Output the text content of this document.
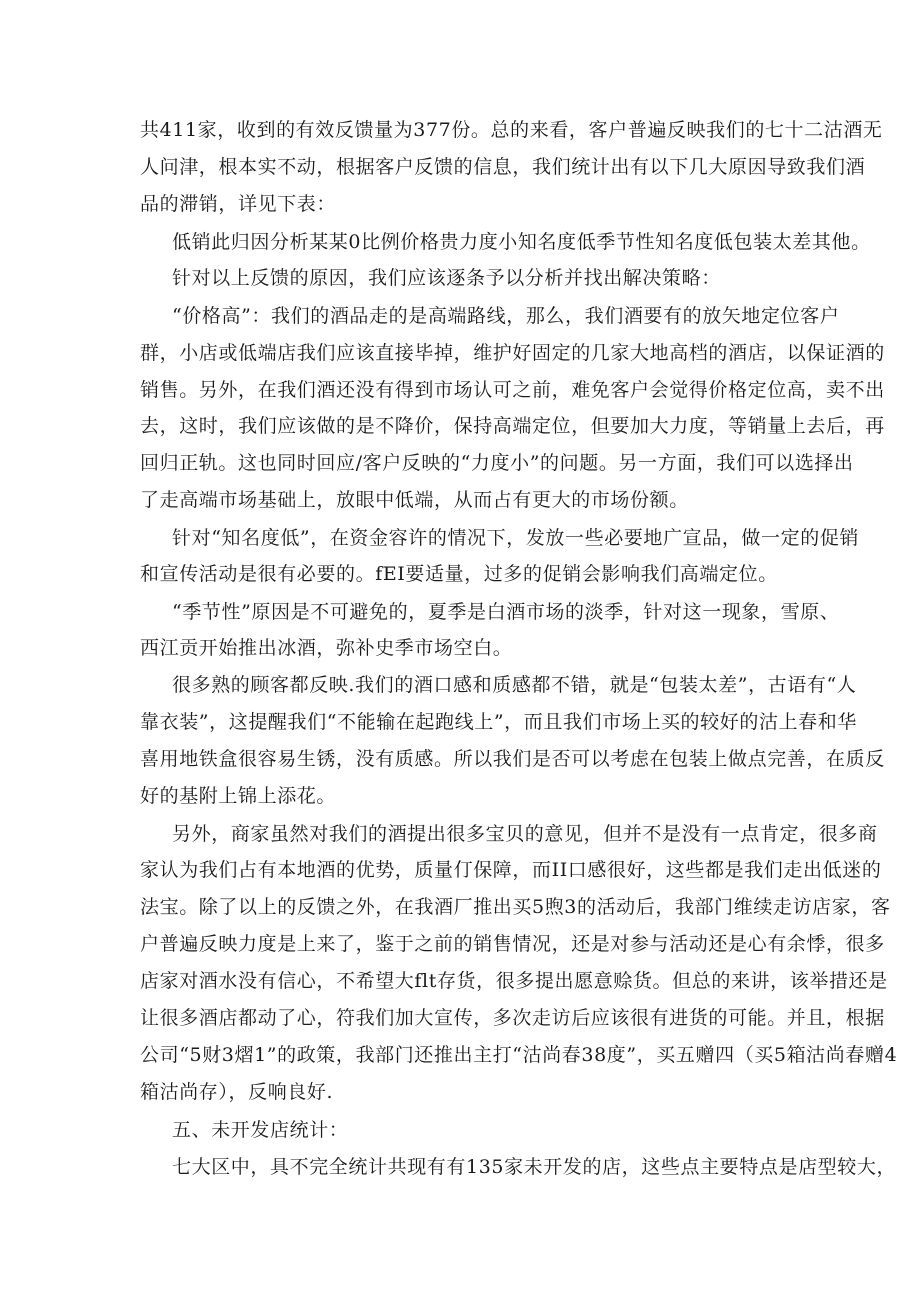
共411家，收到的有效反馈量为377份。总的来看，客户普遍反映我们的七十二沽酒无
人问津，根本实不动，根据客户反馈的信息，我们统计出有以下几大原因导致我们酒
品的滞销，详见下表：
低销此归因分析某某0比例价格贵力度小知名度低季节性知名度低包装太差其他。
针对以上反馈的原因，我们应该逐条予以分析并找出解决策略：
“价格高”：我们的酒品走的是高端路线，那么，我们酒要有的放矢地定位客户
群，小店或低端店我们应该直接毕掉，维护好固定的几家大地高档的酒店，以保证酒的
销售。另外，在我们酒还没有得到市场认可之前，难免客户会觉得价格定位高，卖不出
去，这时，我们应该做的是不降价，保持高端定位，但要加大力度，等销量上去后，再
回归正轨。这也同时回应/客户反映的“力度小”的问题。另一方面，我们可以选择出
了走高端市场基础上，放眼中低端，从而占有更大的市场份额。
针对“知名度低”，在资金容许的情况下，发放一些必要地广宣品，做一定的促销
和宣传活动是很有必要的。fEI要适量，过多的促销会影响我们高端定位。
“季节性”原因是不可避免的，夏季是白酒市场的淡季，针对这一现象，雪原、
西江贡开始推出冰酒，弥补史季市场空白。
很多熟的顾客都反映.我们的酒口感和质感都不错，就是“包装太差”，古语有“人
靠衣装”，这提醒我们“不能输在起跑线上”，而且我们市场上买的较好的沽上春和华
喜用地铁盒很容易生锈，没有质感。所以我们是否可以考虑在包装上做点完善，在质反
好的基附上锦上添花。
另外，商家虽然对我们的酒提出很多宝贝的意见，但并不是没有一点肯定，很多商
家认为我们占有本地酒的优势，质量仃保障，而II口感很好，这些都是我们走出低迷的
法宝。除了以上的反馈之外，在我酒厂推出买5煦3的活动后，我部门维续走访店家，客
户普遍反映力度是上来了，鉴于之前的销售情况，还是对参与活动还是心有余悸，很多
店家对酒水没有信心，不希望大flt存货，很多提出愿意赊货。但总的来讲，该举措还是
让很多酒店都动了心，符我们加大宣传，多次走访后应该很有进货的可能。并且，根据
公司“5财3熠1”的政策，我部门还推出主打“沽尚春38度”，买五赠四（买5箱沽尚春赠4
箱沽尚存），反响良好.
五、未开发店统计：
七大区中，具不完全统计共现有有135家未开发的店，这些点主要特点是店型较大，
